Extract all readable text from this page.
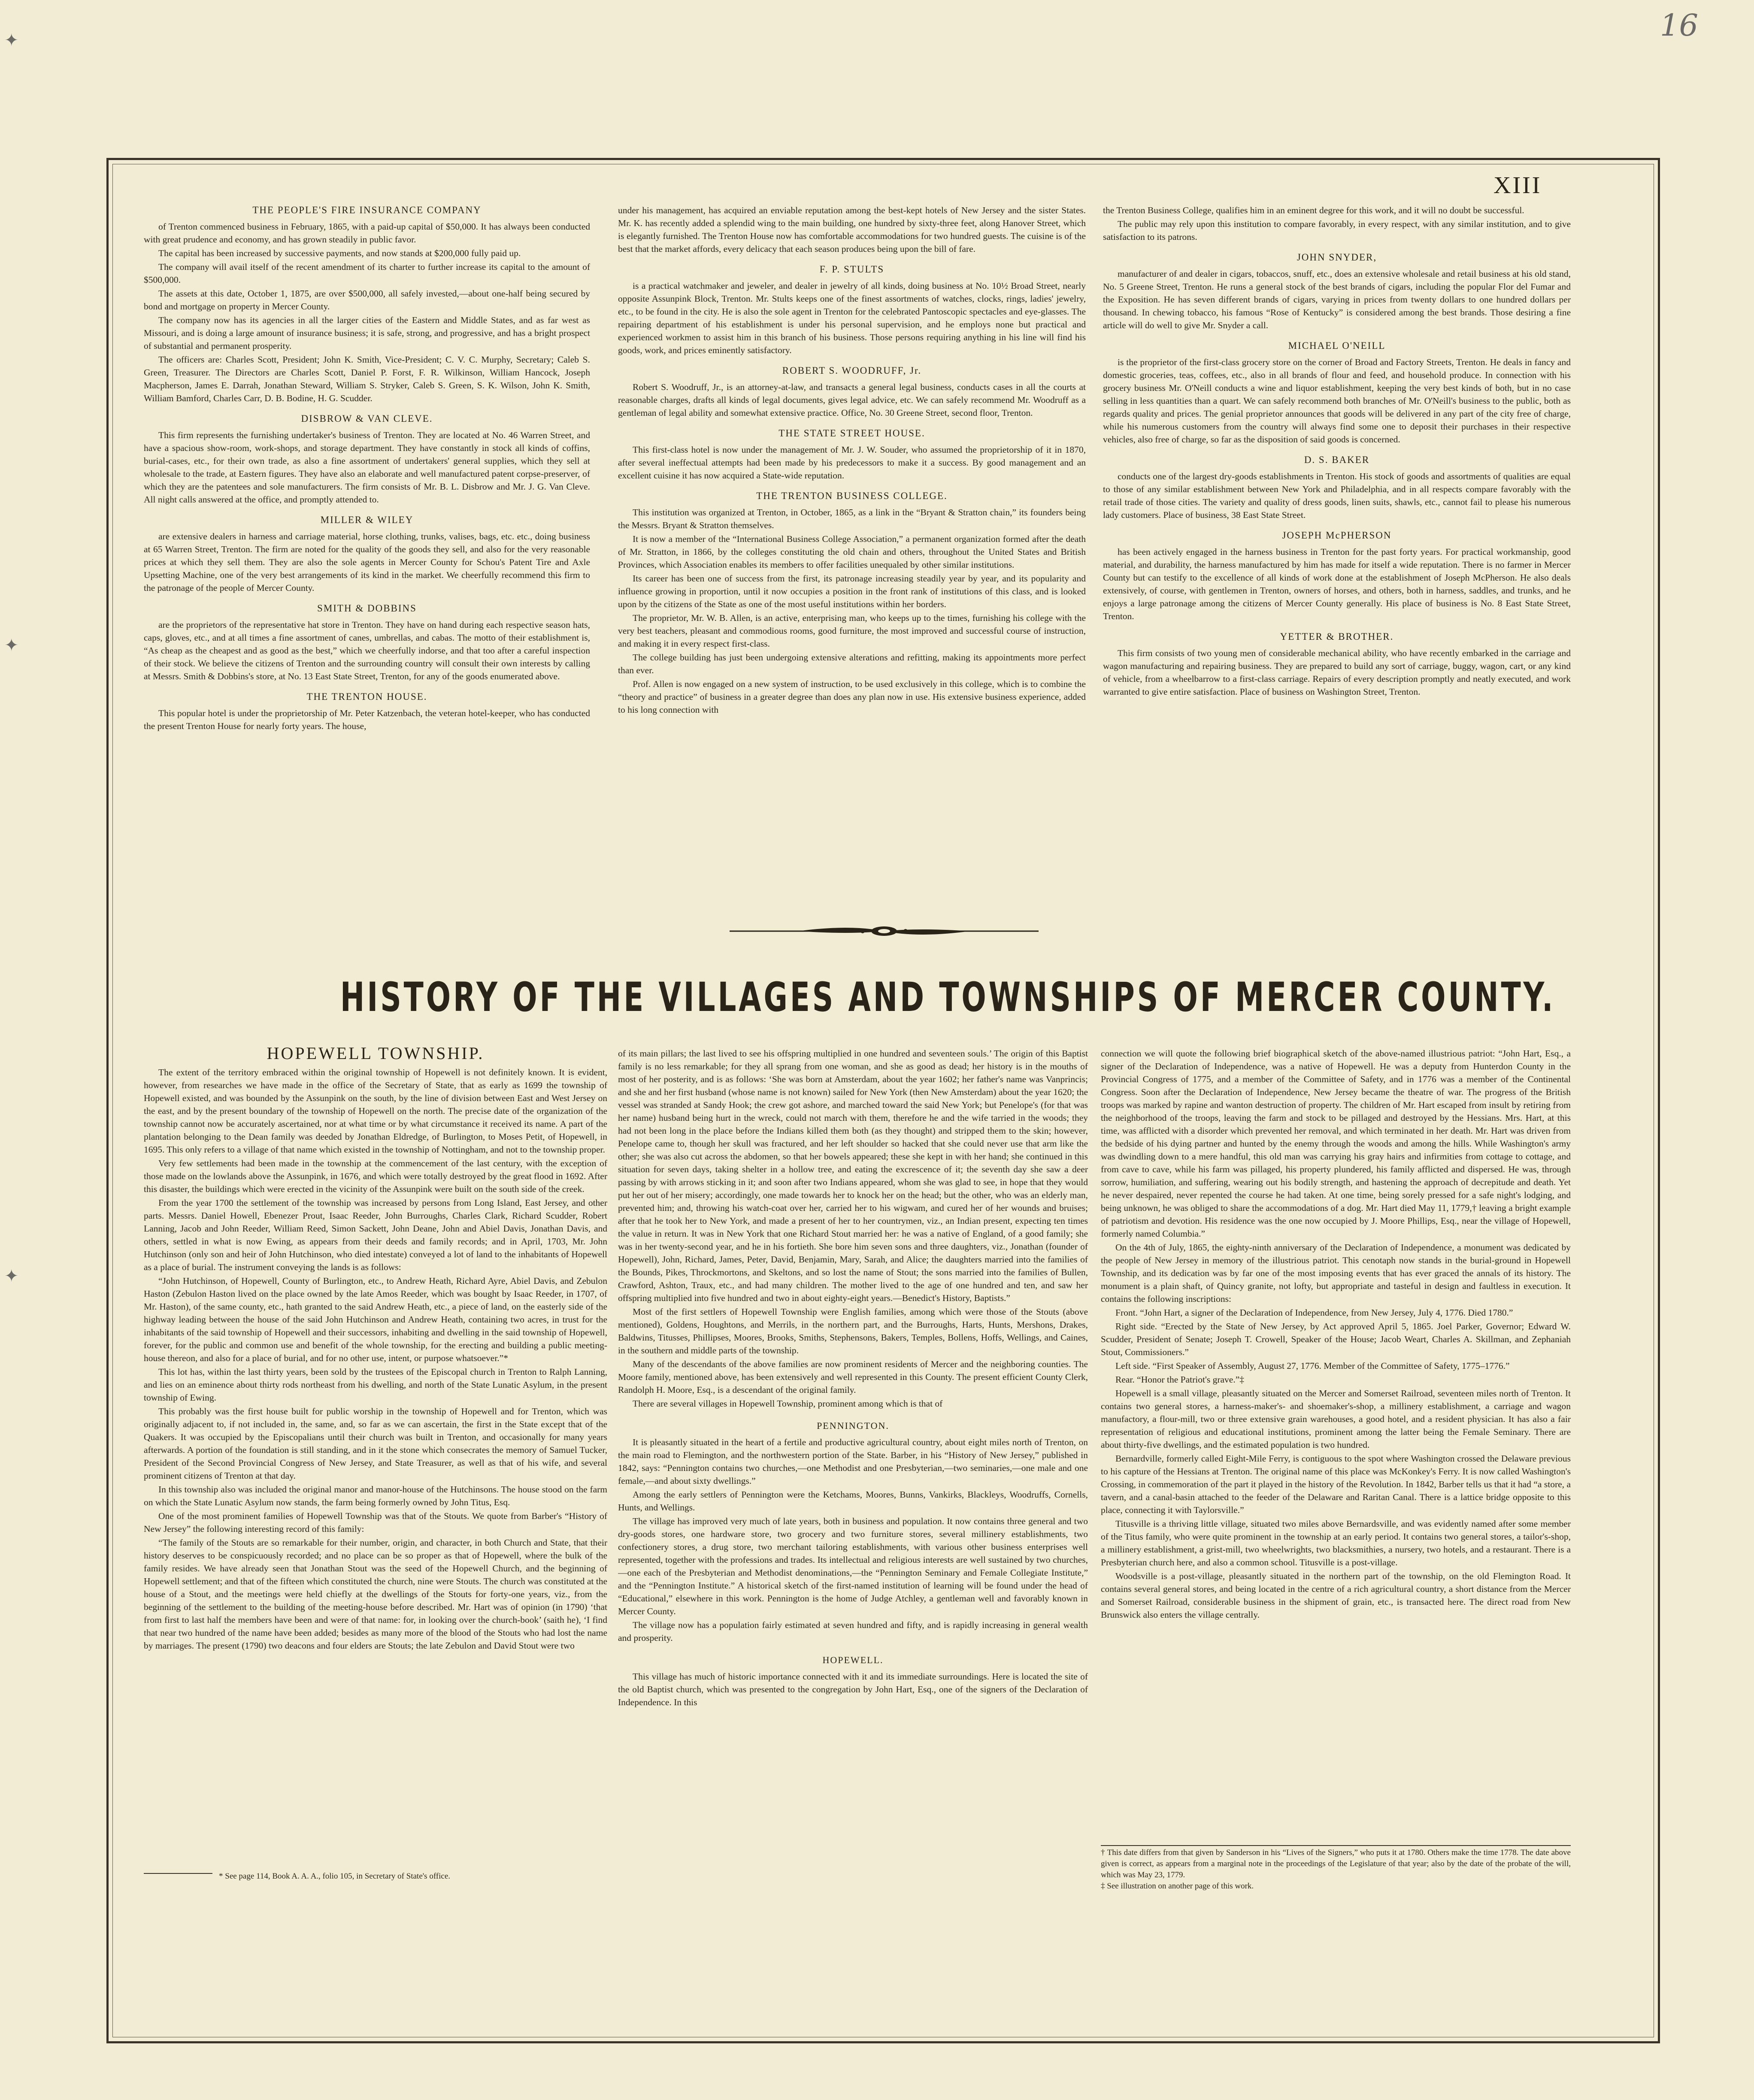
✦
✦
✦
16
XIII
THE PEOPLE'S FIRE INSURANCE COMPANY

of Trenton commenced business in February, 1865, with a paid-up capital of $50,000. It has always been conducted with great prudence and economy, and has grown steadily in public favor.

The capital has been increased by successive payments, and now stands at $200,000 fully paid up.

The company will avail itself of the recent amendment of its charter to further increase its capital to the amount of $500,000.

The assets at this date, October 1, 1875, are over $500,000, all safely invested,—about one-half being secured by bond and mortgage on property in Mercer County.

The company now has its agencies in all the larger cities of the Eastern and Middle States, and as far west as Missouri, and is doing a large amount of insurance business; it is safe, strong, and progressive, and has a bright prospect of substantial and permanent prosperity.

The officers are: Charles Scott, President; John K. Smith, Vice-President; C. V. C. Murphy, Secretary; Caleb S. Green, Treasurer. The Directors are Charles Scott, Daniel P. Forst, F. R. Wilkinson, William Hancock, Joseph Macpherson, James E. Darrah, Jonathan Steward, William S. Stryker, Caleb S. Green, S. K. Wilson, John K. Smith, William Bamford, Charles Carr, D. B. Bodine, H. G. Scudder.

DISBROW & VAN CLEVE.

This firm represents the furnishing undertaker's business of Trenton. They are located at No. 46 Warren Street, and have a spacious show-room, work-shops, and storage department. They have constantly in stock all kinds of coffins, burial-cases, etc., for their own trade, as also a fine assortment of undertakers' general supplies, which they sell at wholesale to the trade, at Eastern figures. They have also an elaborate and well manufactured patent corpse-preserver, of which they are the patentees and sole manufacturers. The firm consists of Mr. B. L. Disbrow and Mr. J. G. Van Cleve. All night calls answered at the office, and promptly attended to.

MILLER & WILEY

are extensive dealers in harness and carriage material, horse clothing, trunks, valises, bags, etc. etc., doing business at 65 Warren Street, Trenton. The firm are noted for the quality of the goods they sell, and also for the very reasonable prices at which they sell them. They are also the sole agents in Mercer County for Schou's Patent Tire and Axle Upsetting Machine, one of the very best arrangements of its kind in the market. We cheerfully recommend this firm to the patronage of the people of Mercer County.

SMITH & DOBBINS

are the proprietors of the representative hat store in Trenton. They have on hand during each respective season hats, caps, gloves, etc., and at all times a fine assortment of canes, umbrellas, and cabas. The motto of their establishment is, “As cheap as the cheapest and as good as the best,” which we cheerfully indorse, and that too after a careful inspection of their stock. We believe the citizens of Trenton and the surrounding country will consult their own interests by calling at Messrs. Smith & Dobbins's store, at No. 13 East State Street, Trenton, for any of the goods enumerated above.

THE TRENTON HOUSE.

This popular hotel is under the proprietorship of Mr. Peter Katzenbach, the veteran hotel-keeper, who has conducted the present Trenton House for nearly forty years. The house,

under his management, has acquired an enviable reputation among the best-kept hotels of New Jersey and the sister States. Mr. K. has recently added a splendid wing to the main building, one hundred by sixty-three feet, along Hanover Street, which is elegantly furnished. The Trenton House now has comfortable accommodations for two hundred guests. The cuisine is of the best that the market affords, every delicacy that each season produces being upon the bill of fare.

F. P. STULTS

is a practical watchmaker and jeweler, and dealer in jewelry of all kinds, doing business at No. 10½ Broad Street, nearly opposite Assunpink Block, Trenton. Mr. Stults keeps one of the finest assortments of watches, clocks, rings, ladies' jewelry, etc., to be found in the city. He is also the sole agent in Trenton for the celebrated Pantoscopic spectacles and eye-glasses. The repairing department of his establishment is under his personal supervision, and he employs none but practical and experienced workmen to assist him in this branch of his business. Those persons requiring anything in his line will find his goods, work, and prices eminently satisfactory.

ROBERT S. WOODRUFF, Jr.

Robert S. Woodruff, Jr., is an attorney-at-law, and transacts a general legal business, conducts cases in all the courts at reasonable charges, drafts all kinds of legal documents, gives legal advice, etc. We can safely recommend Mr. Woodruff as a gentleman of legal ability and somewhat extensive practice. Office, No. 30 Greene Street, second floor, Trenton.

THE STATE STREET HOUSE.

This first-class hotel is now under the management of Mr. J. W. Souder, who assumed the proprietorship of it in 1870, after several ineffectual attempts had been made by his predecessors to make it a success. By good management and an excellent cuisine it has now acquired a State-wide reputation.

THE TRENTON BUSINESS COLLEGE.

This institution was organized at Trenton, in October, 1865, as a link in the “Bryant & Stratton chain,” its founders being the Messrs. Bryant & Stratton themselves.

It is now a member of the “International Business College Association,” a permanent organization formed after the death of Mr. Stratton, in 1866, by the colleges constituting the old chain and others, throughout the United States and British Provinces, which Association enables its members to offer facilities unequaled by other similar institutions.

Its career has been one of success from the first, its patronage increasing steadily year by year, and its popularity and influence growing in proportion, until it now occupies a position in the front rank of institutions of this class, and is looked upon by the citizens of the State as one of the most useful institutions within her borders.

The proprietor, Mr. W. B. Allen, is an active, enterprising man, who keeps up to the times, furnishing his college with the very best teachers, pleasant and commodious rooms, good furniture, the most improved and successful course of instruction, and making it in every respect first-class.

The college building has just been undergoing extensive alterations and refitting, making its appointments more perfect than ever.

Prof. Allen is now engaged on a new system of instruction, to be used exclusively in this college, which is to combine the “theory and practice” of business in a greater degree than does any plan now in use. His extensive business experience, added to his long connection with

the Trenton Business College, qualifies him in an eminent degree for this work, and it will no doubt be successful.

The public may rely upon this institution to compare favorably, in every respect, with any similar institution, and to give satisfaction to its patrons.

JOHN SNYDER,

manufacturer of and dealer in cigars, tobaccos, snuff, etc., does an extensive wholesale and retail business at his old stand, No. 5 Greene Street, Trenton. He runs a general stock of the best brands of cigars, including the popular Flor del Fumar and the Exposition. He has seven different brands of cigars, varying in prices from twenty dollars to one hundred dollars per thousand. In chewing tobacco, his famous “Rose of Kentucky” is considered among the best brands. Those desiring a fine article will do well to give Mr. Snyder a call.

MICHAEL O'NEILL

is the proprietor of the first-class grocery store on the corner of Broad and Factory Streets, Trenton. He deals in fancy and domestic groceries, teas, coffees, etc., also in all brands of flour and feed, and household produce. In connection with his grocery business Mr. O'Neill conducts a wine and liquor establishment, keeping the very best kinds of both, but in no case selling in less quantities than a quart. We can safely recommend both branches of Mr. O'Neill's business to the public, both as regards quality and prices. The genial proprietor announces that goods will be delivered in any part of the city free of charge, while his numerous customers from the country will always find some one to deposit their purchases in their respective vehicles, also free of charge, so far as the disposition of said goods is concerned.

D. S. BAKER

conducts one of the largest dry-goods establishments in Trenton. His stock of goods and assortments of qualities are equal to those of any similar establishment between New York and Philadelphia, and in all respects compare favorably with the retail trade of those cities. The variety and quality of dress goods, linen suits, shawls, etc., cannot fail to please his numerous lady customers. Place of business, 38 East State Street.

JOSEPH McPHERSON

has been actively engaged in the harness business in Trenton for the past forty years. For practical workmanship, good material, and durability, the harness manufactured by him has made for itself a wide reputation. There is no farmer in Mercer County but can testify to the excellence of all kinds of work done at the establishment of Joseph McPherson. He also deals extensively, of course, with gentlemen in Trenton, owners of horses, and others, both in harness, saddles, and trunks, and he enjoys a large patronage among the citizens of Mercer County generally. His place of business is No. 8 East State Street, Trenton.

YETTER & BROTHER.

This firm consists of two young men of considerable mechanical ability, who have recently embarked in the carriage and wagon manufacturing and repairing business. They are prepared to build any sort of carriage, buggy, wagon, cart, or any kind of vehicle, from a wheelbarrow to a first-class carriage. Repairs of every description promptly and neatly executed, and work warranted to give entire satisfaction. Place of business on Washington Street, Trenton.

HISTORY OF THE VILLAGES AND TOWNSHIPS OF MERCER COUNTY.
HOPEWELL TOWNSHIP.

The extent of the territory embraced within the original township of Hopewell is not definitely known. It is evident, however, from researches we have made in the office of the Secretary of State, that as early as 1699 the township of Hopewell existed, and was bounded by the Assunpink on the south, by the line of division between East and West Jersey on the east, and by the present boundary of the township of Hopewell on the north. The precise date of the organization of the township cannot now be accurately ascertained, nor at what time or by what circumstance it received its name. A part of the plantation belonging to the Dean family was deeded by Jonathan Eldredge, of Burlington, to Moses Petit, of Hopewell, in 1695. This only refers to a village of that name which existed in the township of Nottingham, and not to the township proper.

Very few settlements had been made in the township at the commencement of the last century, with the exception of those made on the lowlands above the Assunpink, in 1676, and which were totally destroyed by the great flood in 1692. After this disaster, the buildings which were erected in the vicinity of the Assunpink were built on the south side of the creek.

From the year 1700 the settlement of the township was increased by persons from Long Island, East Jersey, and other parts. Messrs. Daniel Howell, Ebenezer Prout, Isaac Reeder, John Burroughs, Charles Clark, Richard Scudder, Robert Lanning, Jacob and John Reeder, William Reed, Simon Sackett, John Deane, John and Abiel Davis, Jonathan Davis, and others, settled in what is now Ewing, as appears from their deeds and family records; and in April, 1703, Mr. John Hutchinson (only son and heir of John Hutchinson, who died intestate) conveyed a lot of land to the inhabitants of Hopewell as a place of burial. The instrument conveying the lands is as follows:

“John Hutchinson, of Hopewell, County of Burlington, etc., to Andrew Heath, Richard Ayre, Abiel Davis, and Zebulon Haston (Zebulon Haston lived on the place owned by the late Amos Reeder, which was bought by Isaac Reeder, in 1707, of Mr. Haston), of the same county, etc., hath granted to the said Andrew Heath, etc., a piece of land, on the easterly side of the highway leading between the house of the said John Hutchinson and Andrew Heath, containing two acres, in trust for the inhabitants of the said township of Hopewell and their successors, inhabiting and dwelling in the said township of Hopewell, forever, for the public and common use and benefit of the whole township, for the erecting and building a public meeting-house thereon, and also for a place of burial, and for no other use, intent, or purpose whatsoever.”*

This lot has, within the last thirty years, been sold by the trustees of the Episcopal church in Trenton to Ralph Lanning, and lies on an eminence about thirty rods northeast from his dwelling, and north of the State Lunatic Asylum, in the present township of Ewing.

This probably was the first house built for public worship in the township of Hopewell and for Trenton, which was originally adjacent to, if not included in, the same, and, so far as we can ascertain, the first in the State except that of the Quakers. It was occupied by the Episcopalians until their church was built in Trenton, and occasionally for many years afterwards. A portion of the foundation is still standing, and in it the stone which consecrates the memory of Samuel Tucker, President of the Second Provincial Congress of New Jersey, and State Treasurer, as well as that of his wife, and several prominent citizens of Trenton at that day.

In this township also was included the original manor and manor-house of the Hutchinsons. The house stood on the farm on which the State Lunatic Asylum now stands, the farm being formerly owned by John Titus, Esq.

One of the most prominent families of Hopewell Township was that of the Stouts. We quote from Barber's “History of New Jersey” the following interesting record of this family:

“The family of the Stouts are so remarkable for their number, origin, and character, in both Church and State, that their history deserves to be conspicuously recorded; and no place can be so proper as that of Hopewell, where the bulk of the family resides. We have already seen that Jonathan Stout was the seed of the Hopewell Church, and the beginning of Hopewell settlement; and that of the fifteen which constituted the church, nine were Stouts. The church was constituted at the house of a Stout, and the meetings were held chiefly at the dwellings of the Stouts for forty-one years, viz., from the beginning of the settlement to the building of the meeting-house before described. Mr. Hart was of opinion (in 1790) ‘that from first to last half the members have been and were of that name: for, in looking over the church-book’ (saith he), ‘I find that near two hundred of the name have been added; besides as many more of the blood of the Stouts who had lost the name by marriages. The present (1790) two deacons and four elders are Stouts; the late Zebulon and David Stout were two

* See page 114, Book A. A. A., folio 105, in Secretary of State's office.

of its main pillars; the last lived to see his offspring multiplied in one hundred and seventeen souls.’ The origin of this Baptist family is no less remarkable; for they all sprang from one woman, and she as good as dead; her history is in the mouths of most of her posterity, and is as follows: ‘She was born at Amsterdam, about the year 1602; her father's name was Vanprincis; and she and her first husband (whose name is not known) sailed for New York (then New Amsterdam) about the year 1620; the vessel was stranded at Sandy Hook; the crew got ashore, and marched toward the said New York; but Penelope's (for that was her name) husband being hurt in the wreck, could not march with them, therefore he and the wife tarried in the woods; they had not been long in the place before the Indians killed them both (as they thought) and stripped them to the skin; however, Penelope came to, though her skull was fractured, and her left shoulder so hacked that she could never use that arm like the other; she was also cut across the abdomen, so that her bowels appeared; these she kept in with her hand; she continued in this situation for seven days, taking shelter in a hollow tree, and eating the excrescence of it; the seventh day she saw a deer passing by with arrows sticking in it; and soon after two Indians appeared, whom she was glad to see, in hope that they would put her out of her misery; accordingly, one made towards her to knock her on the head; but the other, who was an elderly man, prevented him; and, throwing his watch-coat over her, carried her to his wigwam, and cured her of her wounds and bruises; after that he took her to New York, and made a present of her to her countrymen, viz., an Indian present, expecting ten times the value in return. It was in New York that one Richard Stout married her: he was a native of England, of a good family; she was in her twenty-second year, and he in his fortieth. She bore him seven sons and three daughters, viz., Jonathan (founder of Hopewell), John, Richard, James, Peter, David, Benjamin, Mary, Sarah, and Alice; the daughters married into the families of the Bounds, Pikes, Throckmortons, and Skeltons, and so lost the name of Stout; the sons married into the families of Bullen, Crawford, Ashton, Traux, etc., and had many children. The mother lived to the age of one hundred and ten, and saw her offspring multiplied into five hundred and two in about eighty-eight years.—Benedict's History, Baptists.”

Most of the first settlers of Hopewell Township were English families, among which were those of the Stouts (above mentioned), Goldens, Houghtons, and Merrils, in the northern part, and the Burroughs, Harts, Hunts, Mershons, Drakes, Baldwins, Titusses, Phillipses, Moores, Brooks, Smiths, Stephensons, Bakers, Temples, Bollens, Hoffs, Wellings, and Caines, in the southern and middle parts of the township.

Many of the descendants of the above families are now prominent residents of Mercer and the neighboring counties. The Moore family, mentioned above, has been extensively and well represented in this County. The present efficient County Clerk, Randolph H. Moore, Esq., is a descendant of the original family.

There are several villages in Hopewell Township, prominent among which is that of

PENNINGTON.

It is pleasantly situated in the heart of a fertile and productive agricultural country, about eight miles north of Trenton, on the main road to Flemington, and the northwestern portion of the State. Barber, in his “History of New Jersey,” published in 1842, says: “Pennington contains two churches,—one Methodist and one Presbyterian,—two seminaries,—one male and one female,—and about sixty dwellings.”

Among the early settlers of Pennington were the Ketchams, Moores, Bunns, Vankirks, Blackleys, Woodruffs, Cornells, Hunts, and Wellings.

The village has improved very much of late years, both in business and population. It now contains three general and two dry-goods stores, one hardware store, two grocery and two furniture stores, several millinery establishments, two confectionery stores, a drug store, two merchant tailoring establishments, with various other business enterprises well represented, together with the professions and trades. Its intellectual and religious interests are well sustained by two churches,—one each of the Presbyterian and Methodist denominations,—the “Pennington Seminary and Female Collegiate Institute,” and the “Pennington Institute.” A historical sketch of the first-named institution of learning will be found under the head of “Educational,” elsewhere in this work. Pennington is the home of Judge Atchley, a gentleman well and favorably known in Mercer County.

The village now has a population fairly estimated at seven hundred and fifty, and is rapidly increasing in general wealth and prosperity.

HOPEWELL.

This village has much of historic importance connected with it and its immediate surroundings. Here is located the site of the old Baptist church, which was presented to the congregation by John Hart, Esq., one of the signers of the Declaration of Independence. In this

connection we will quote the following brief biographical sketch of the above-named illustrious patriot: “John Hart, Esq., a signer of the Declaration of Independence, was a native of Hopewell. He was a deputy from Hunterdon County in the Provincial Congress of 1775, and a member of the Committee of Safety, and in 1776 was a member of the Continental Congress. Soon after the Declaration of Independence, New Jersey became the theatre of war. The progress of the British troops was marked by rapine and wanton destruction of property. The children of Mr. Hart escaped from insult by retiring from the neighborhood of the troops, leaving the farm and stock to be pillaged and destroyed by the Hessians. Mrs. Hart, at this time, was afflicted with a disorder which prevented her removal, and which terminated in her death. Mr. Hart was driven from the bedside of his dying partner and hunted by the enemy through the woods and among the hills. While Washington's army was dwindling down to a mere handful, this old man was carrying his gray hairs and infirmities from cottage to cottage, and from cave to cave, while his farm was pillaged, his property plundered, his family afflicted and dispersed. He was, through sorrow, humiliation, and suffering, wearing out his bodily strength, and hastening the approach of decrepitude and death. Yet he never despaired, never repented the course he had taken. At one time, being sorely pressed for a safe night's lodging, and being unknown, he was obliged to share the accommodations of a dog. Mr. Hart died May 11, 1779,† leaving a bright example of patriotism and devotion. His residence was the one now occupied by J. Moore Phillips, Esq., near the village of Hopewell, formerly named Columbia.”

On the 4th of July, 1865, the eighty-ninth anniversary of the Declaration of Independence, a monument was dedicated by the people of New Jersey in memory of the illustrious patriot. This cenotaph now stands in the burial-ground in Hopewell Township, and its dedication was by far one of the most imposing events that has ever graced the annals of its history. The monument is a plain shaft, of Quincy granite, not lofty, but appropriate and tasteful in design and faultless in execution. It contains the following inscriptions:

Front. “John Hart, a signer of the Declaration of Independence, from New Jersey, July 4, 1776. Died 1780.”

Right side. “Erected by the State of New Jersey, by Act approved April 5, 1865. Joel Parker, Governor; Edward W. Scudder, President of Senate; Joseph T. Crowell, Speaker of the House; Jacob Weart, Charles A. Skillman, and Zephaniah Stout, Commissioners.”

Left side. “First Speaker of Assembly, August 27, 1776. Member of the Committee of Safety, 1775–1776.”

Rear. “Honor the Patriot's grave.”‡

Hopewell is a small village, pleasantly situated on the Mercer and Somerset Railroad, seventeen miles north of Trenton. It contains two general stores, a harness-maker's- and shoemaker's-shop, a millinery establishment, a carriage and wagon manufactory, a flour-mill, two or three extensive grain warehouses, a good hotel, and a resident physician. It has also a fair representation of religious and educational institutions, prominent among the latter being the Female Seminary. There are about thirty-five dwellings, and the estimated population is two hundred.

Bernardville, formerly called Eight-Mile Ferry, is contiguous to the spot where Washington crossed the Delaware previous to his capture of the Hessians at Trenton. The original name of this place was McKonkey's Ferry. It is now called Washington's Crossing, in commemoration of the part it played in the history of the Revolution. In 1842, Barber tells us that it had “a store, a tavern, and a canal-basin attached to the feeder of the Delaware and Raritan Canal. There is a lattice bridge opposite to this place, connecting it with Taylorsville.”

Titusville is a thriving little village, situated two miles above Bernardsville, and was evidently named after some member of the Titus family, who were quite prominent in the township at an early period. It contains two general stores, a tailor's-shop, a millinery establishment, a grist-mill, two wheelwrights, two blacksmithies, a nursery, two hotels, and a restaurant. There is a Presbyterian church here, and also a common school. Titusville is a post-village.

Woodsville is a post-village, pleasantly situated in the northern part of the township, on the old Flemington Road. It contains several general stores, and being located in the centre of a rich agricultural country, a short distance from the Mercer and Somerset Railroad, considerable business in the shipment of grain, etc., is transacted here. The direct road from New Brunswick also enters the village centrally.

† This date differs from that given by Sanderson in his “Lives of the Signers,” who puts it at 1780. Others make the time 1778. The date above given is correct, as appears from a marginal note in the proceedings of the Legislature of that year; also by the date of the probate of the will, which was May 23, 1779.

‡ See illustration on another page of this work.
